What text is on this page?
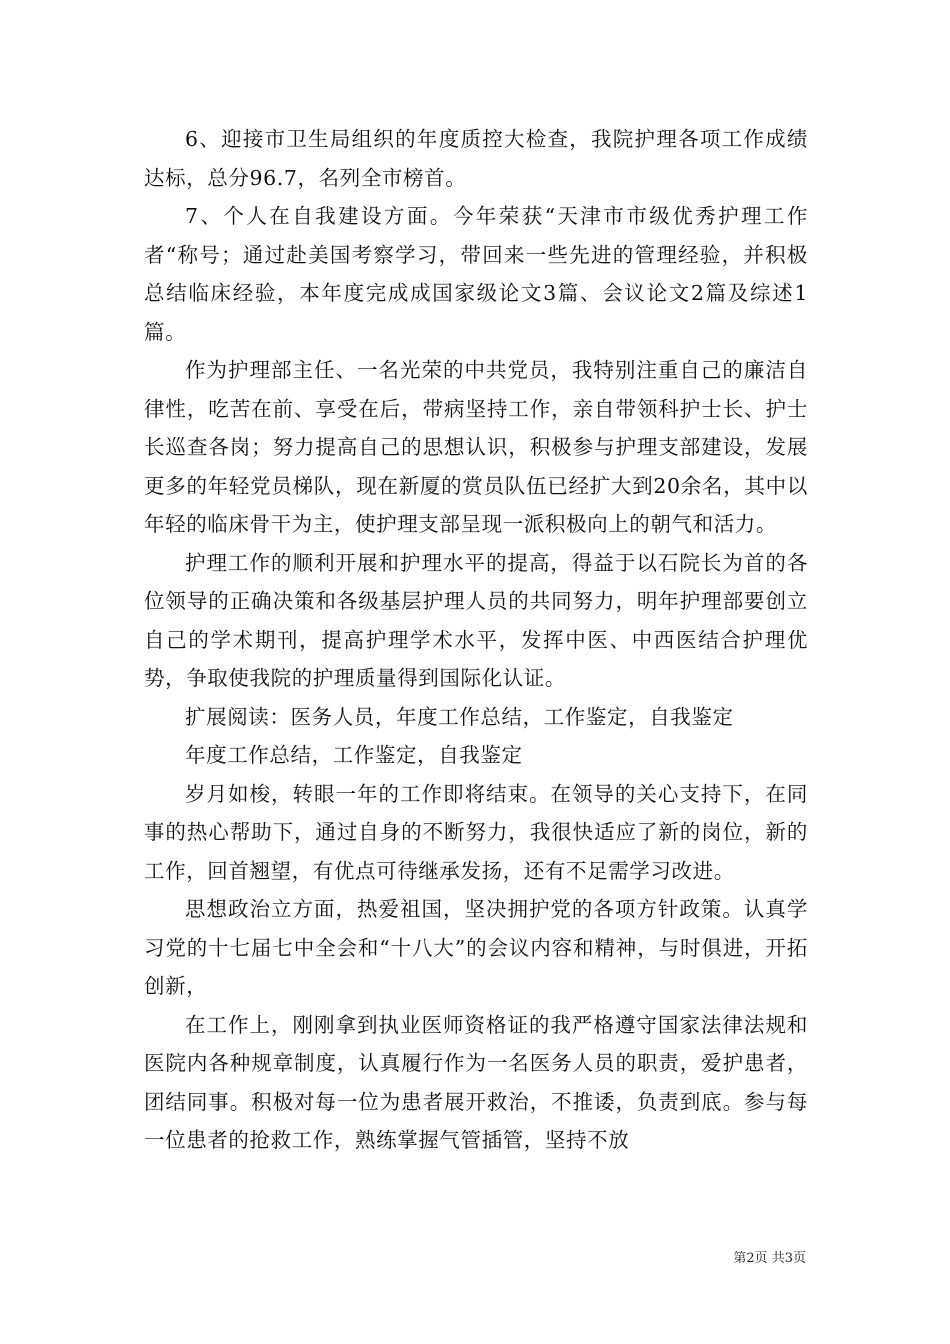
6、迎接市卫生局组织的年度质控大检查，我院护理各项工作成绩达标，总分96.7，名列全市榜首。

7、个人在自我建设方面。今年荣获“天津市市级优秀护理工作者“称号；通过赴美国考察学习，带回来一些先进的管理经验，并积极总结临床经验，本年度完成成国家级论文3篇、会议论文2篇及综述1篇。

作为护理部主任、一名光荣的中共党员，我特别注重自己的廉洁自律性，吃苦在前、享受在后，带病坚持工作，亲自带领科护士长、护士长巡查各岗；努力提高自己的思想认识，积极参与护理支部建设，发展更多的年轻党员梯队，现在新厦的赏员队伍已经扩大到20余名，其中以年轻的临床骨干为主，使护理支部呈现一派积极向上的朝气和活力。

护理工作的顺利开展和护理水平的提高，得益于以石院长为首的各位领导的正确决策和各级基层护理人员的共同努力，明年护理部要创立自己的学术期刊，提高护理学术水平，发挥中医、中西医结合护理优势，争取使我院的护理质量得到国际化认证。

扩展阅读：医务人员，年度工作总结，工作鉴定，自我鉴定

年度工作总结，工作鉴定，自我鉴定

岁月如梭，转眼一年的工作即将结束。在领导的关心支持下，在同事的热心帮助下，通过自身的不断努力，我很快适应了新的岗位，新的工作，回首翘望，有优点可待继承发扬，还有不足需学习改进。

思想政治立方面，热爱祖国，坚决拥护党的各项方针政策。认真学习党的十七届七中全会和“十八大”的会议内容和精神，与时俱进，开拓创新，

在工作上，刚刚拿到执业医师资格证的我严格遵守国家法律法规和医院内各种规章制度，认真履行作为一名医务人员的职责，爱护患者，团结同事。积极对每一位为患者展开救治，不推诿，负责到底。参与每一位患者的抢救工作，熟练掌握气管插管，坚持不放

第2页 共3页
